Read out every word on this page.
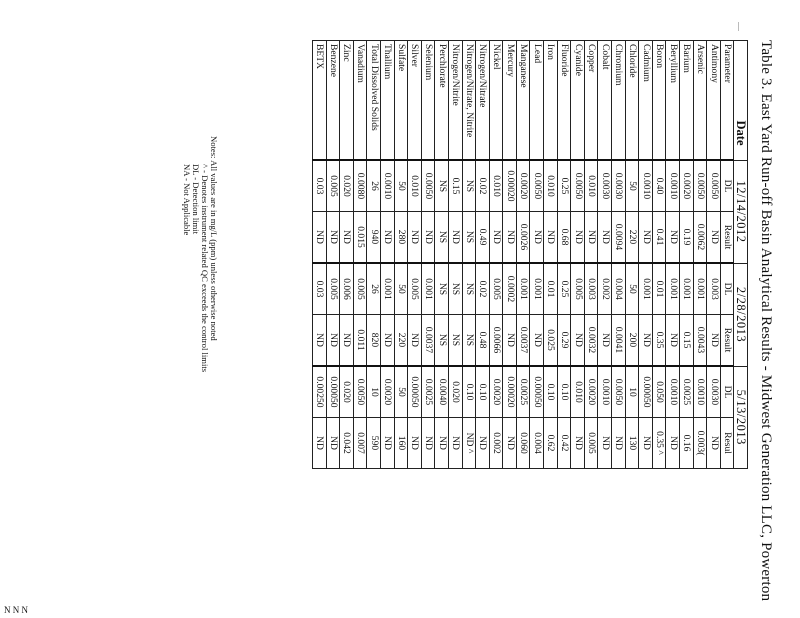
Table 3. East Yard Run-off Basin Analytical Results - Midwest Generation LLC, Powerton
Date	12/14/2012		2/28/2013		5/13/2013	
Parameter	DL	Result	DL	Result	DL	Resul
Antimony	0.0050	ND	0.003	ND	0.0030	ND
Arsenic	0.0050	0.0062	0.001	0.0043	0.0010	0.003(
Barium	0.0020	0.19	0.001	0.15	0.0025	0.16
Beryllium	0.0010	ND	0.001	ND	0.0010	ND
Boron	0.40	0.41	0.01	0.35	0.050	0.35 ^
Cadmium	0.0010	ND	0.001	ND	0.00050	ND
Chloride	50	220	50	200	10	130
Chromium	0.0030	0.0094	0.004	0.0041	0.0050	ND
Cobalt	0.0030	ND	0.002	ND	0.0010	ND
Copper	0.010	ND	0.003	0.0032	0.0020	0.005
Cyanide	0.0050	ND	0.005	ND	0.010	ND
Fluoride	0.25	0.68	0.25	0.29	0.10	0.42
Iron	0.010	ND	0.01	0.025	0.10	0.62
Lead	0.0050	ND	0.001	ND	0.00050	0.004
Manganese	0.0020	0.0026	0.001	0.0037	0.0025	0.060
Mercury	0.00020	ND	0.0002	ND	0.00020	ND
Nickel	0.010	ND	0.005	0.0066	0.0020	0.002
Nitrogen/Nitrate	0.02	0.49	0.02	0.48	0.10	ND
Nitrogen/Nitrate, Nitrite	NS	NS	NS	NS	0.10	ND ^
Nitrogen/Nitrite	0.15	ND	NS	NS	0.020	ND
Perchlorate	NS	NS	NS	NS	0.0040	ND
Selenium	0.0050	ND	0.001	0.0037	0.0025	ND
Silver	0.010	ND	0.005	ND	0.00050	ND
Sulfate	50	280	50	220	50	160
Thallium	0.0010	ND	0.001	ND	0.0020	ND
Total Dissolved Solids	26	940	26	820	10	590
Vanadium	0.0080	0.015	0.005	0.011	0.0050	0.007
Zinc	0.020	ND	0.006	ND	0.020	0.042
Benzene	0.005	ND	0.005	ND	0.00050	ND
BETX	0.03	ND	0.03	ND	0.00250	ND
Notes: All values are in mg/L (ppm) unless otherwise noted
^ - Denotes instrument related QC exceeds the control limits
DL - Detection limit
NA - Not Applicable
N N N
